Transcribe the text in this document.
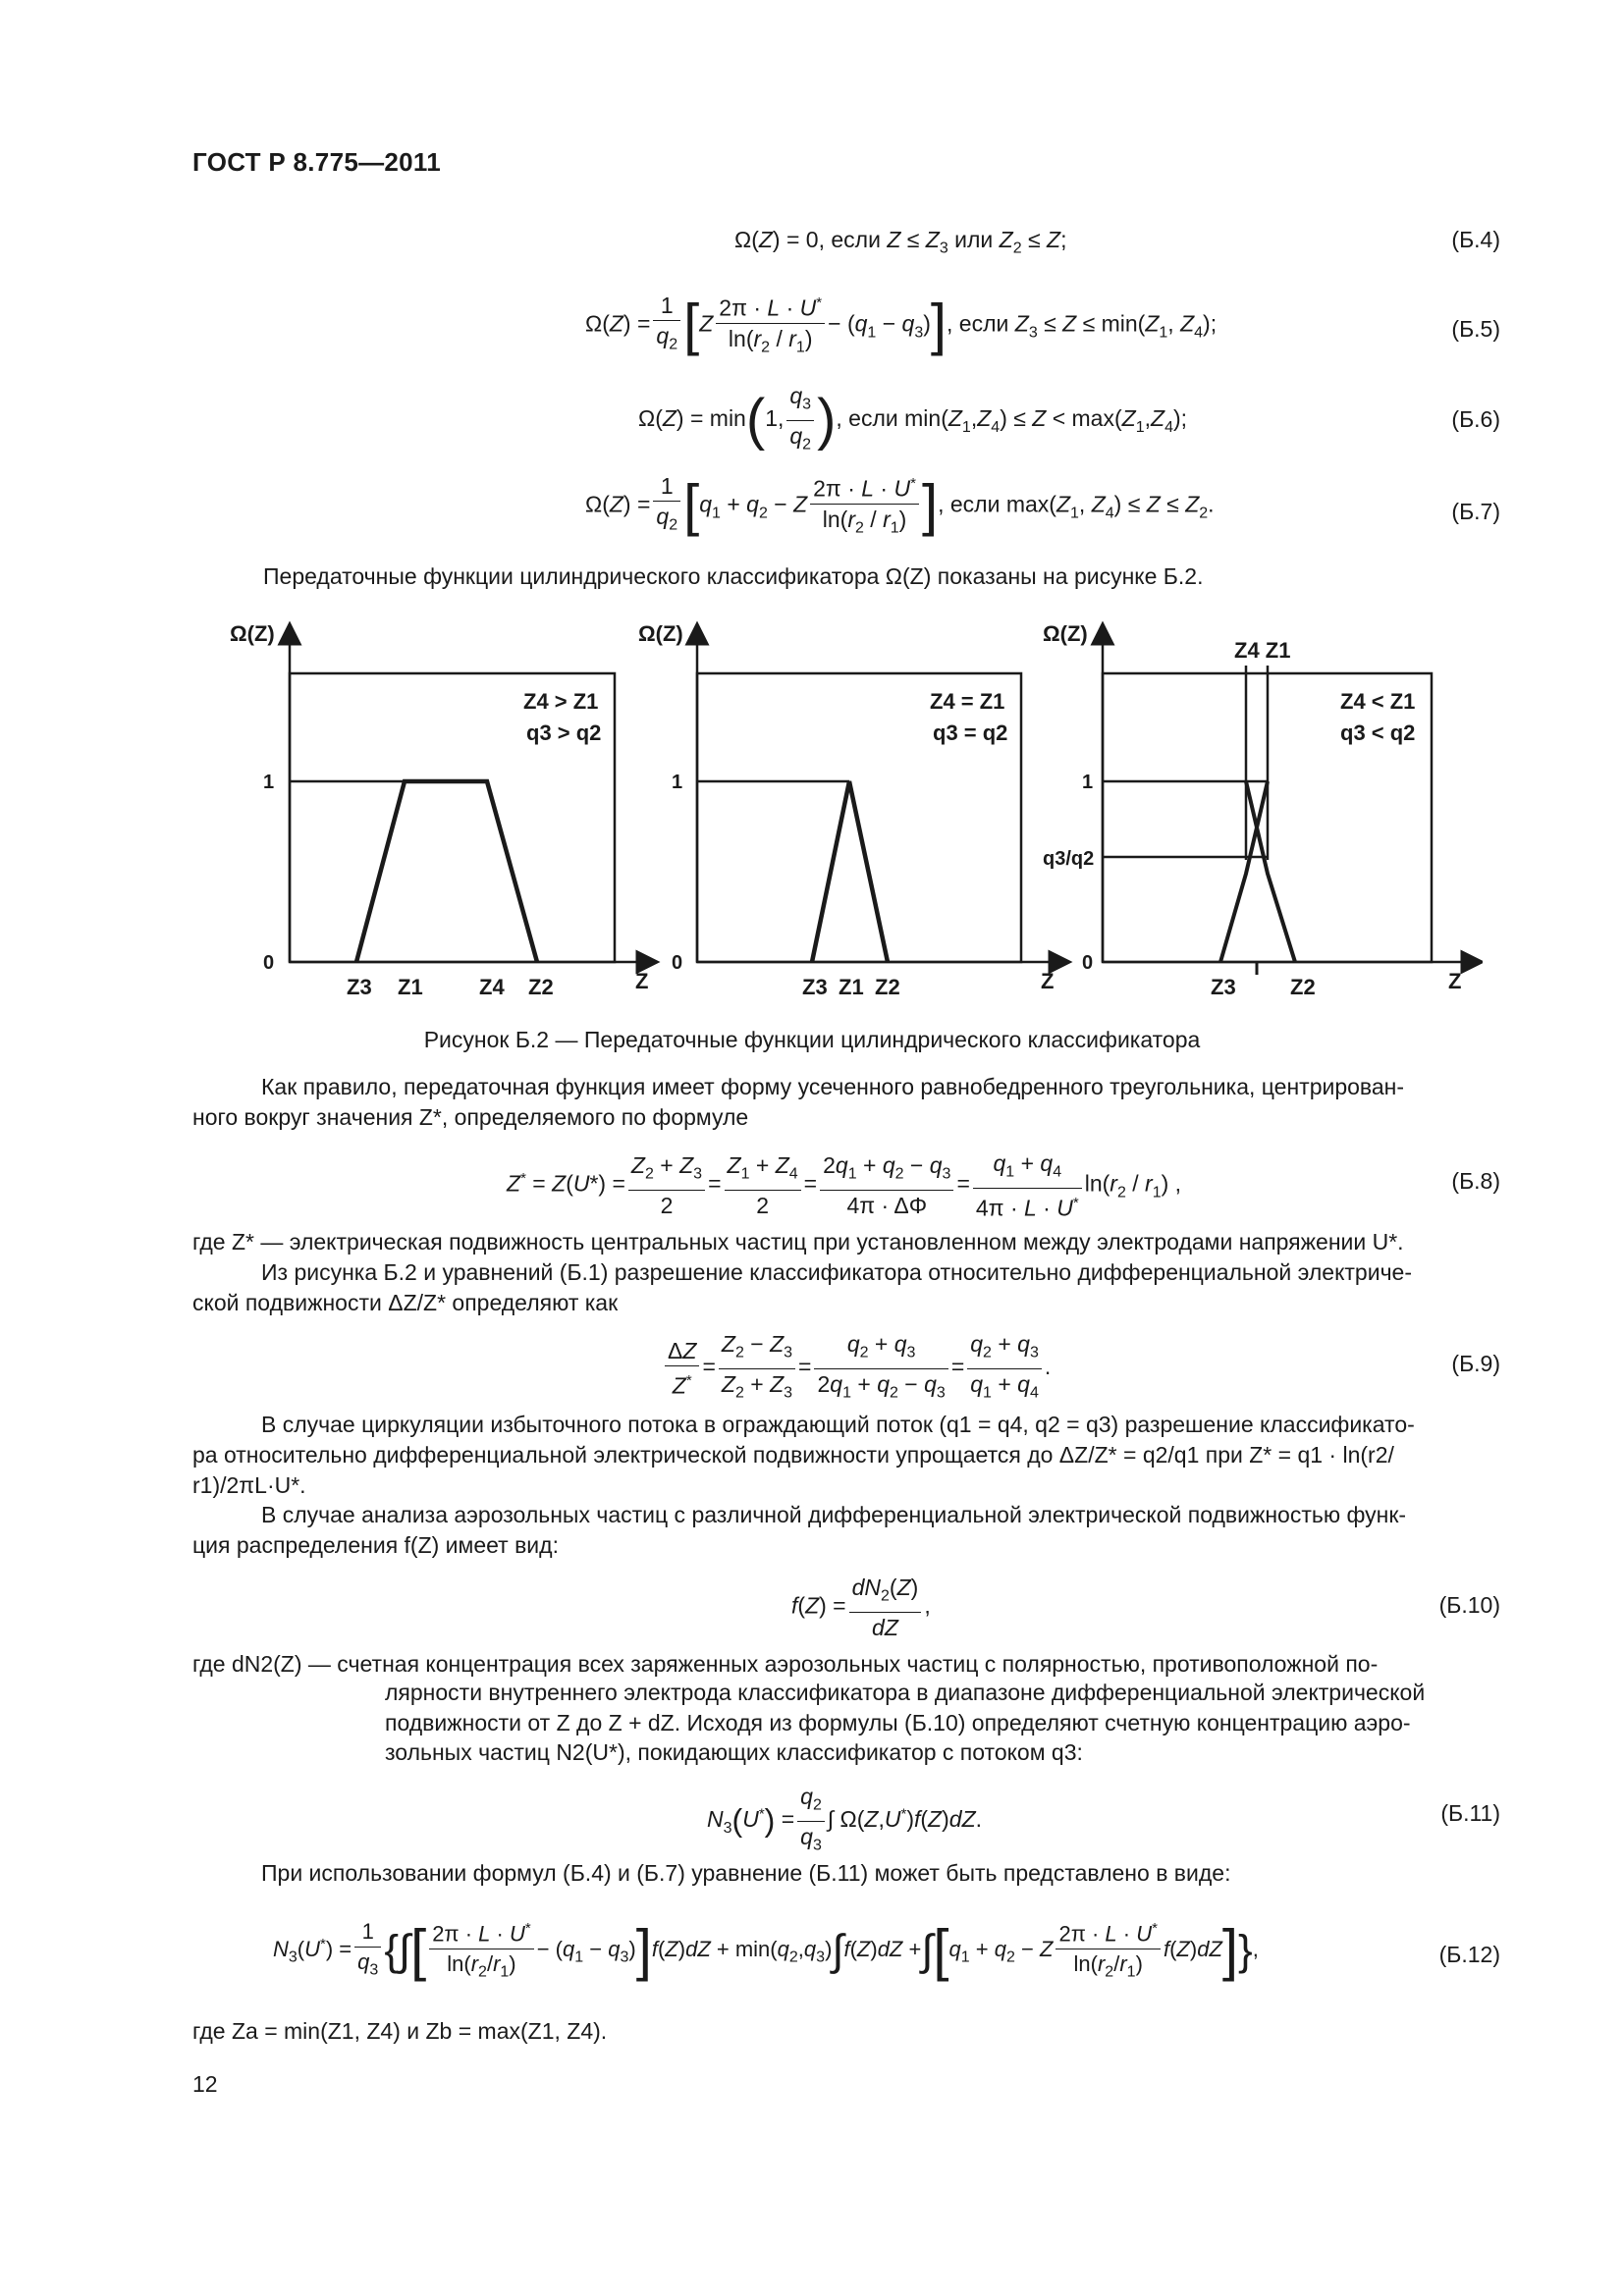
ГОСТ Р 8.775—2011
Ω(Z) = 0, если $Z \le Z_3$ или $Z_2 \le Z$;	(Б.4)
$\Omega(Z) = \frac{1}{q_2} [Z \frac{2\pi \cdot L \cdot U^*}{\ln(r_2 / r_1)} - (q_1 - q_3)]$, если $Z_3 \le Z \le \min(Z_1$, $Z_4$);	(Б.5)
Ω(Z) = min(1, $\frac{q_3}{q_2}$ ), если $\min(Z_1,Z_4) \le Z < \max(Z_1,Z_4)$;	(Б.6)
$\Omega(Z) = \frac{1}{q_2} [q_1 + q_2 - Z \frac{2\pi \cdot L \cdot U^*}{\ln(r_2 / r_1)}$ ], если $\max(Z_1$, $Z_4) \le Z \le Z_2$.	(Б.7)
Передаточные функции цилиндрического классификатора Ω(Z) показаны на рисунке Б.2.
Ω(Z)
1
0
Z4 > Z1
q3 > q2
Z3 Z1	Z4 Z2	Z
Ω(Z)
1
0
Z4 = Z1
q3 = q2
Z3 Z1 Z2	Z
Ω(Z)
1
q3/q2
0
Z4 Z1
Z4 < Z1
q3 < q2
Z3	Z2	Z
Рисунок Б.2 — Передаточные функции цилиндрического классификатора
Как правило, передаточная функция имеет форму усеченного равнобедренного треугольника, центрирован-
ного вокруг значения Z*, определяемого по формуле
$Z^* = Z(U*) = \frac{Z_2 + Z_3}{2} = \frac{Z_1 + Z_4}{2} = \frac{2q_1 + q_2 - q_3}{4\pi \cdot \Delta\Phi} = \frac{q_1 + q_4}{4\pi \cdot L \cdot U^*} \ln(r_2 / r_1)$ ,	(Б.8)
где Z* — электрическая подвижность центральных частиц при установленном между электродами напряжении U*.
Из рисунка Б.2 и уравнений (Б.1) разрешение классификатора относительно дифференциальной электриче-
ской подвижности ΔZ/Z* определяют как
$\frac{\Delta Z}{Z^*} = \frac{Z_2 - Z_3}{Z_2 + Z_3} = \frac{q_2 + q_3}{2q_1 + q_2 - q_3} = \frac{q_2 + q_3}{q_1 + q_4}$ .	(Б.9)
В случае циркуляции избыточного потока в ограждающий поток (q1 = q4, q2 = q3) разрешение классификато-
ра относительно дифференциальной электрической подвижности упрощается до ΔZ/Z* = q2/q1 при Z* = q1 · ln(r2/
r1)/2πL·U*.
В случае анализа аэрозольных частиц с различной дифференциальной электрической подвижностью функ-
ция распределения f(Z) имеет вид:
$f(Z) = \frac{dN_2(Z)}{dZ}$ ,	(Б.10)
где dN2(Z) — счетная концентрация всех заряженных аэрозольных частиц с полярностью, противоположной по-
лярности внутреннего электрода классификатора в диапазоне дифференциальной электрической
подвижности от Z до Z + dZ. Исходя из формулы (Б.10) определяют счетную концентрацию аэро-
зольных частиц N2(U*), покидающих классификатор с потоком q3:
$N_3(U^*) = \frac{q_2}{q_3}$ ∫ Ω(Z,U*)f(Z)dZ.	(Б.11)
При использовании формул (Б.4) и (Б.7) уравнение (Б.11) может быть представлено в виде:
$N_3(U^*) = \frac{1}{q_3}$ {∫[ $\frac{2\pi \cdot L \cdot U^*}{\ln(r_2/r_1)} - (q_1 - q_3)]f(Z)dZ + \min(q_2,q_3)\int f(Z)dZ +\int[q_1 + q_2 - Z \frac{2\pi \cdot L \cdot U^*}{\ln(r_2/r_1)} f(Z)dZ]$},	(Б.12)
где Za = min(Z1, Z4) и Zb = max(Z1, Z4).
12
